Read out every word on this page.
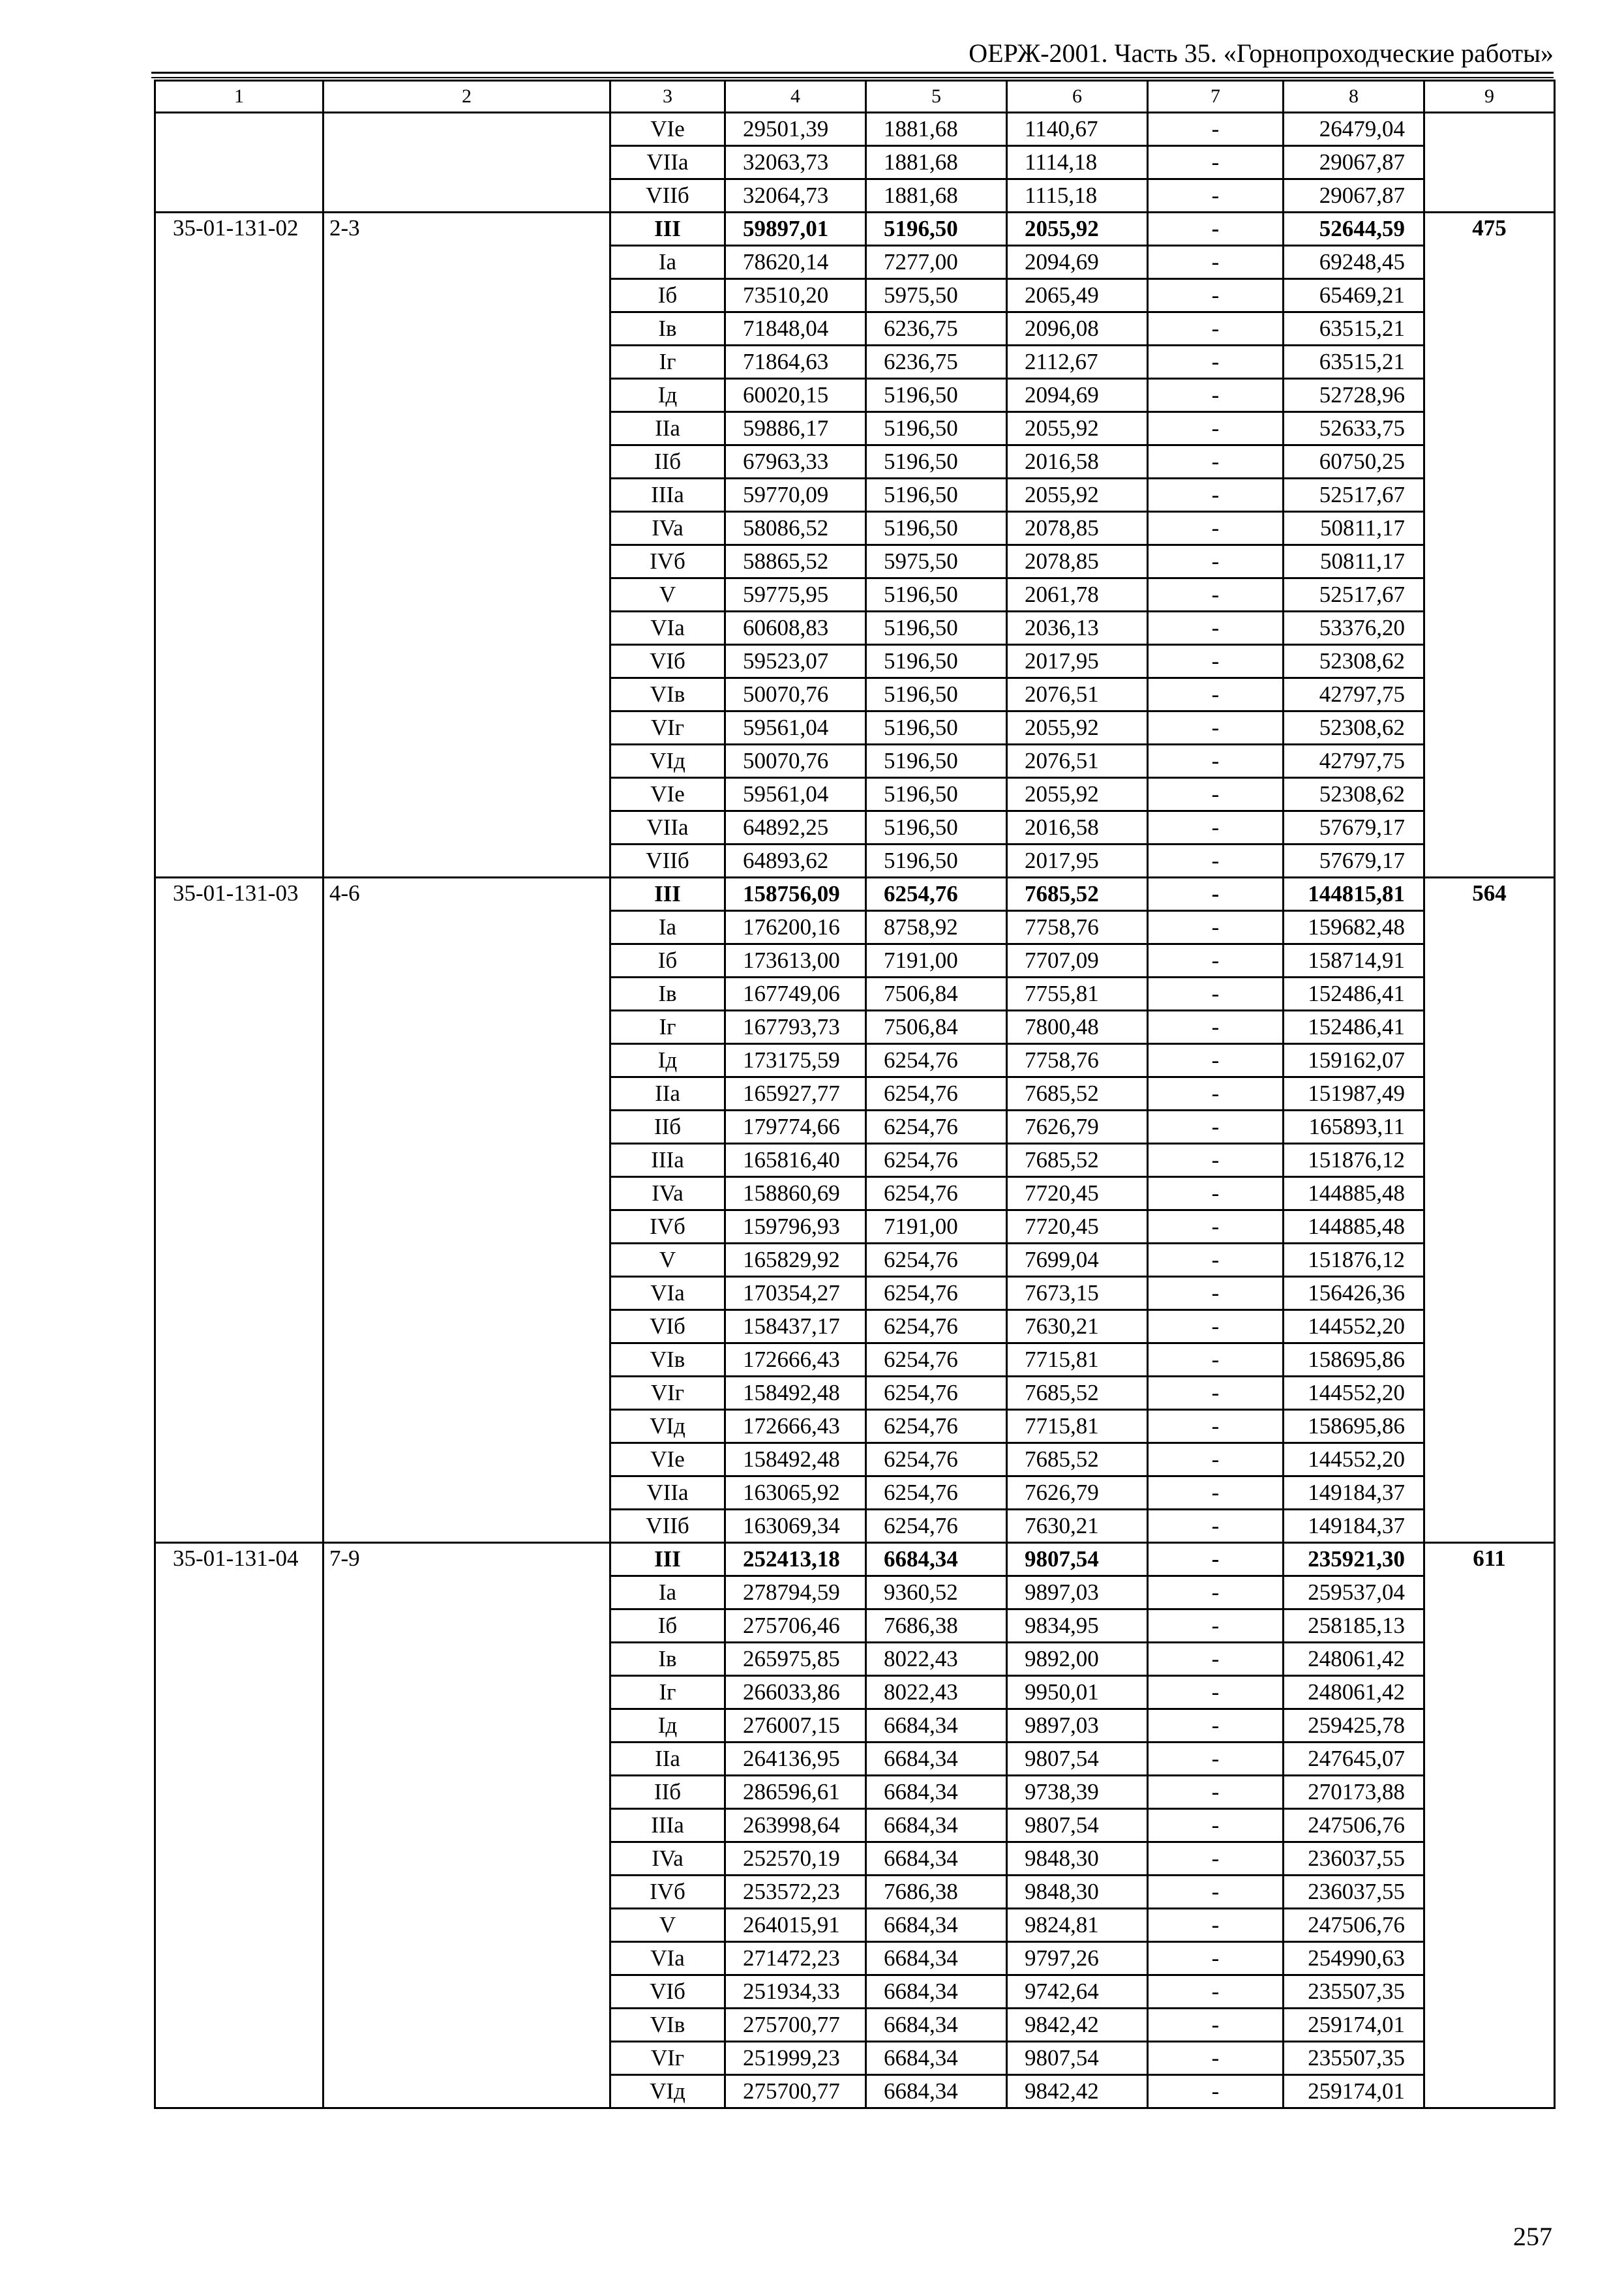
ОЕРЖ-2001. Часть 35. «Горнопроходческие работы»
1	2	3	4	5	6	7	8	9
		VIe	29501,39	1881,68	1140,67	-	26479,04	
		VIIa	32063,73	1881,68	1114,18	-	29067,87	
		VIIб	32064,73	1881,68	1115,18	-	29067,87	
35-01-131-02	2-3	III	59897,01	5196,50	2055,92	-	52644,59	475
		Ia	78620,14	7277,00	2094,69	-	69248,45	
		Iб	73510,20	5975,50	2065,49	-	65469,21	
		Iв	71848,04	6236,75	2096,08	-	63515,21	
		Iг	71864,63	6236,75	2112,67	-	63515,21	
		Iд	60020,15	5196,50	2094,69	-	52728,96	
		IIa	59886,17	5196,50	2055,92	-	52633,75	
		IIб	67963,33	5196,50	2016,58	-	60750,25	
		IIIa	59770,09	5196,50	2055,92	-	52517,67	
		IVa	58086,52	5196,50	2078,85	-	50811,17	
		IVб	58865,52	5975,50	2078,85	-	50811,17	
		V	59775,95	5196,50	2061,78	-	52517,67	
		VIa	60608,83	5196,50	2036,13	-	53376,20	
		VIб	59523,07	5196,50	2017,95	-	52308,62	
		VIв	50070,76	5196,50	2076,51	-	42797,75	
		VIг	59561,04	5196,50	2055,92	-	52308,62	
		VIд	50070,76	5196,50	2076,51	-	42797,75	
		VIe	59561,04	5196,50	2055,92	-	52308,62	
		VIIa	64892,25	5196,50	2016,58	-	57679,17	
		VIIб	64893,62	5196,50	2017,95	-	57679,17	
35-01-131-03	4-6	III	158756,09	6254,76	7685,52	-	144815,81	564
		Ia	176200,16	8758,92	7758,76	-	159682,48	
		Iб	173613,00	7191,00	7707,09	-	158714,91	
		Iв	167749,06	7506,84	7755,81	-	152486,41	
		Iг	167793,73	7506,84	7800,48	-	152486,41	
		Iд	173175,59	6254,76	7758,76	-	159162,07	
		IIa	165927,77	6254,76	7685,52	-	151987,49	
		IIб	179774,66	6254,76	7626,79	-	165893,11	
		IIIa	165816,40	6254,76	7685,52	-	151876,12	
		IVa	158860,69	6254,76	7720,45	-	144885,48	
		IVб	159796,93	7191,00	7720,45	-	144885,48	
		V	165829,92	6254,76	7699,04	-	151876,12	
		VIa	170354,27	6254,76	7673,15	-	156426,36	
		VIб	158437,17	6254,76	7630,21	-	144552,20	
		VIв	172666,43	6254,76	7715,81	-	158695,86	
		VIг	158492,48	6254,76	7685,52	-	144552,20	
		VIд	172666,43	6254,76	7715,81	-	158695,86	
		VIe	158492,48	6254,76	7685,52	-	144552,20	
		VIIa	163065,92	6254,76	7626,79	-	149184,37	
		VIIб	163069,34	6254,76	7630,21	-	149184,37	
35-01-131-04	7-9	III	252413,18	6684,34	9807,54	-	235921,30	611
		Ia	278794,59	9360,52	9897,03	-	259537,04	
		Iб	275706,46	7686,38	9834,95	-	258185,13	
		Iв	265975,85	8022,43	9892,00	-	248061,42	
		Iг	266033,86	8022,43	9950,01	-	248061,42	
		Iд	276007,15	6684,34	9897,03	-	259425,78	
		IIa	264136,95	6684,34	9807,54	-	247645,07	
		IIб	286596,61	6684,34	9738,39	-	270173,88	
		IIIa	263998,64	6684,34	9807,54	-	247506,76	
		IVa	252570,19	6684,34	9848,30	-	236037,55	
		IVб	253572,23	7686,38	9848,30	-	236037,55	
		V	264015,91	6684,34	9824,81	-	247506,76	
		VIa	271472,23	6684,34	9797,26	-	254990,63	
		VIб	251934,33	6684,34	9742,64	-	235507,35	
		VIв	275700,77	6684,34	9842,42	-	259174,01	
		VIг	251999,23	6684,34	9807,54	-	235507,35	
		VIд	275700,77	6684,34	9842,42	-	259174,01	
257
